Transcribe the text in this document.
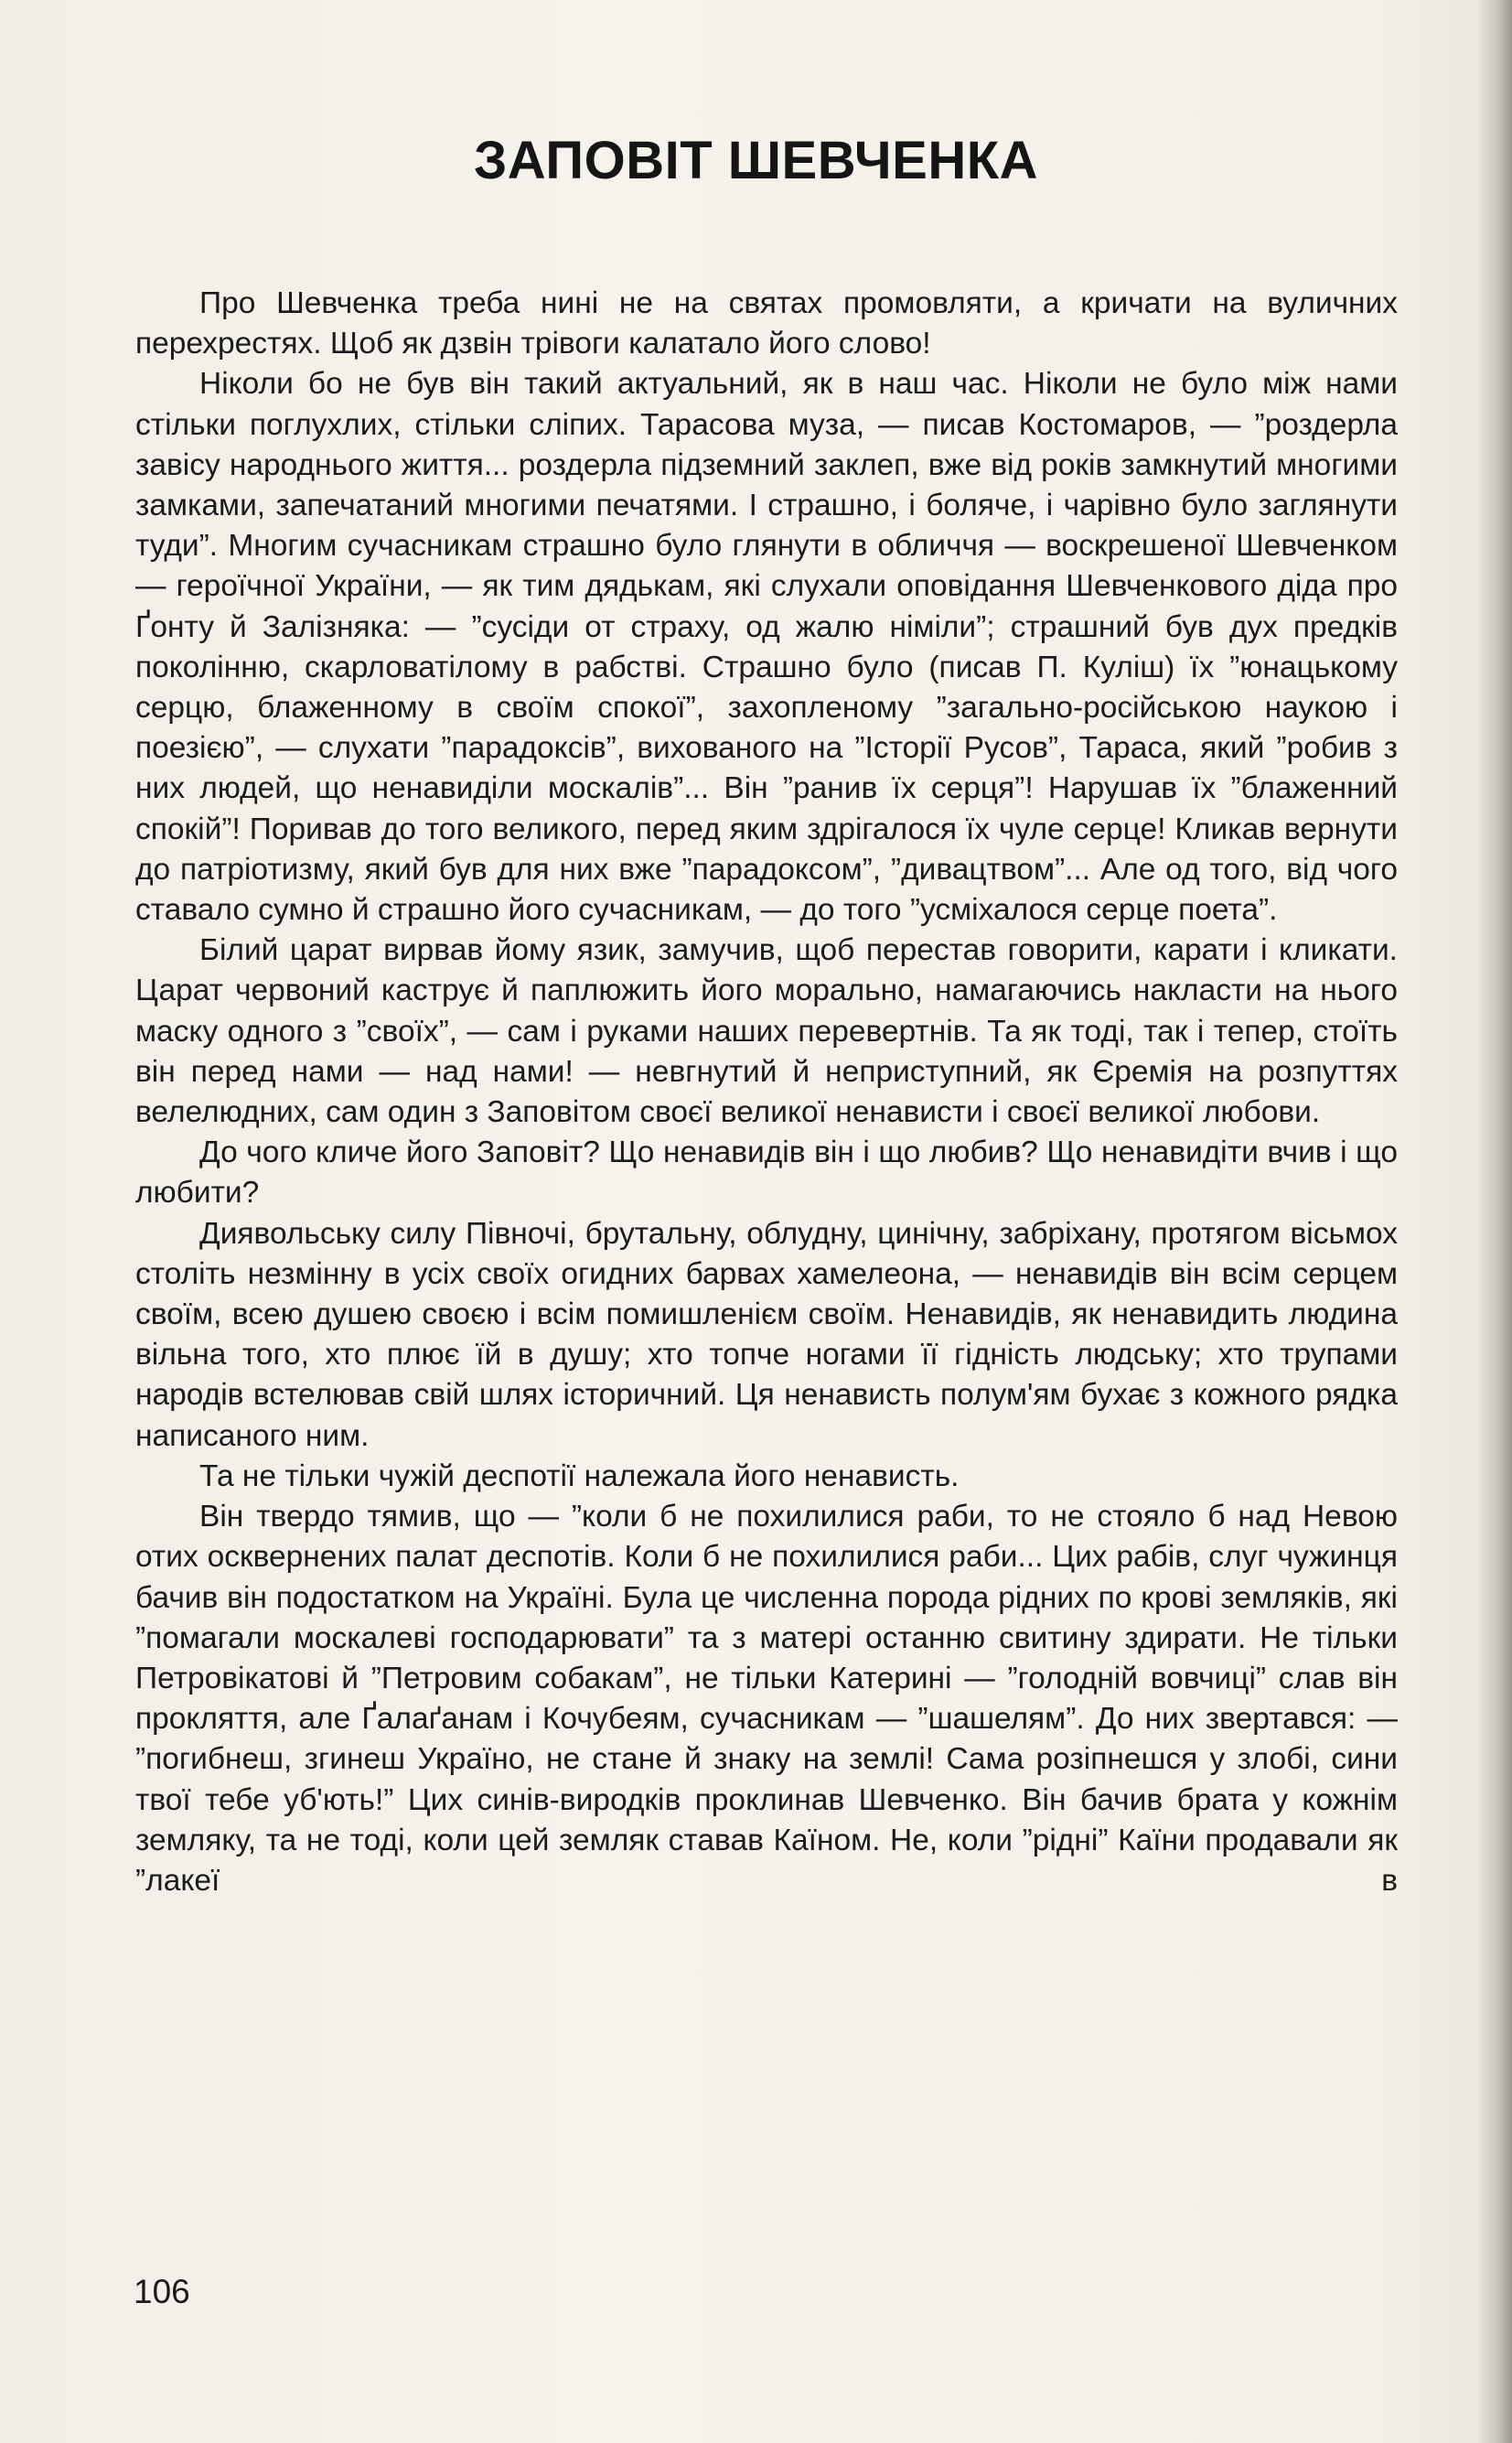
ЗАПОВІТ ШЕВЧЕНКА

Про Шевченка треба нині не на святах промовляти, а кричати на вуличних перехрестях. Щоб як дзвін трівоги калатало його слово!

Ніколи бо не був він такий актуальний, як в наш час. Ніколи не було між нами стільки поглухлих, стільки сліпих. Тарасова муза, — писав Костомаров, — ”роздерла завісу народнього життя... роздерла підземний заклеп, вже від років замкнутий многими замками, запечатаний многими печатями. І страшно, і боляче, і чарівно було заглянути туди”. Многим сучасникам страшно було глянути в обличчя — воскрешеної Шевченком — героїчної України, — як тим дядькам, які слухали оповідання Шевченкового діда про Ґонту й Залізняка: — ”сусіди от страху, од жалю німіли”; страшний був дух предків поколінню, скарловатілому в рабстві. Страшно було (писав П. Куліш) їх ”юнацькому серцю, блаженному в своїм спокої”, захопленому ”загально-російською наукою і поезією”, — слухати ”парадоксів”, вихованого на ”Історії Русов”, Тараса, який ”робив з них людей, що ненавиділи москалів”... Він ”ранив їх серця”! Нарушав їх ”блаженний спокій”! Поривав до того великого, перед яким здрігалося їх чуле серце! Кликав вернути до патріотизму, який був для них вже ”парадоксом”, ”дивацтвом”... Але од того, від чого ставало сумно й страшно його сучасникам, — до того ”усміхалося серце поета”.

Білий царат вирвав йому язик, замучив, щоб перестав говорити, карати і кликати. Царат червоний каструє й паплюжить його морально, намагаючись накласти на нього маску одного з ”своїх”, — сам і руками наших перевертнів. Та як тоді, так і тепер, стоїть він перед нами — над нами! — невгнутий й неприступний, як Єремія на розпуттях велелюдних, сам один з Заповітом своєї великої ненависти і своєї великої любови.

До чого кличе його Заповіт? Що ненавидів він і що любив? Що ненавидіти вчив і що любити?

Диявольську силу Півночі, брутальну, облудну, цинічну, забріхану, протягом вісьмох століть незмінну в усіх своїх огидних барвах хамелеона, — ненавидів він всім серцем своїм, всею душею своєю і всім помишленієм своїм. Ненавидів, як ненавидить людина вільна того, хто плює їй в душу; хто топче ногами її гідність людську; хто трупами народів встелював свій шлях історичний. Ця ненависть полум'ям бухає з кожного рядка написаного ним.

Та не тільки чужій деспотії належала його ненависть.

Він твердо тямив, що — ”коли б не похилилися раби, то не стояло б над Невою отих осквернених палат деспотів. Коли б не похилилися раби... Цих рабів, слуг чужинця бачив він подостатком на Україні. Була це численна порода рідних по крові земляків, які ”помагали москалеві господарювати” та з матері останню свитину здирати. Не тільки Петровікатові й ”Петровим собакам”, не тільки Катерині — ”голодній вовчиці” слав він прокляття, але Ґалаґанам і Кочубеям, сучасникам — ”шашелям”. До них звертався: — ”погибнеш, згинеш Україно, не стане й знаку на землі! Сама розіпнешся у злобі, сини твої тебе уб'ють!” Цих синів-виродків проклинав Шевченко. Він бачив брата у кожнім земляку, та не тоді, коли цей земляк ставав Каїном. Не, коли ”рідні” Каїни продавали як ”лакеї в

106
